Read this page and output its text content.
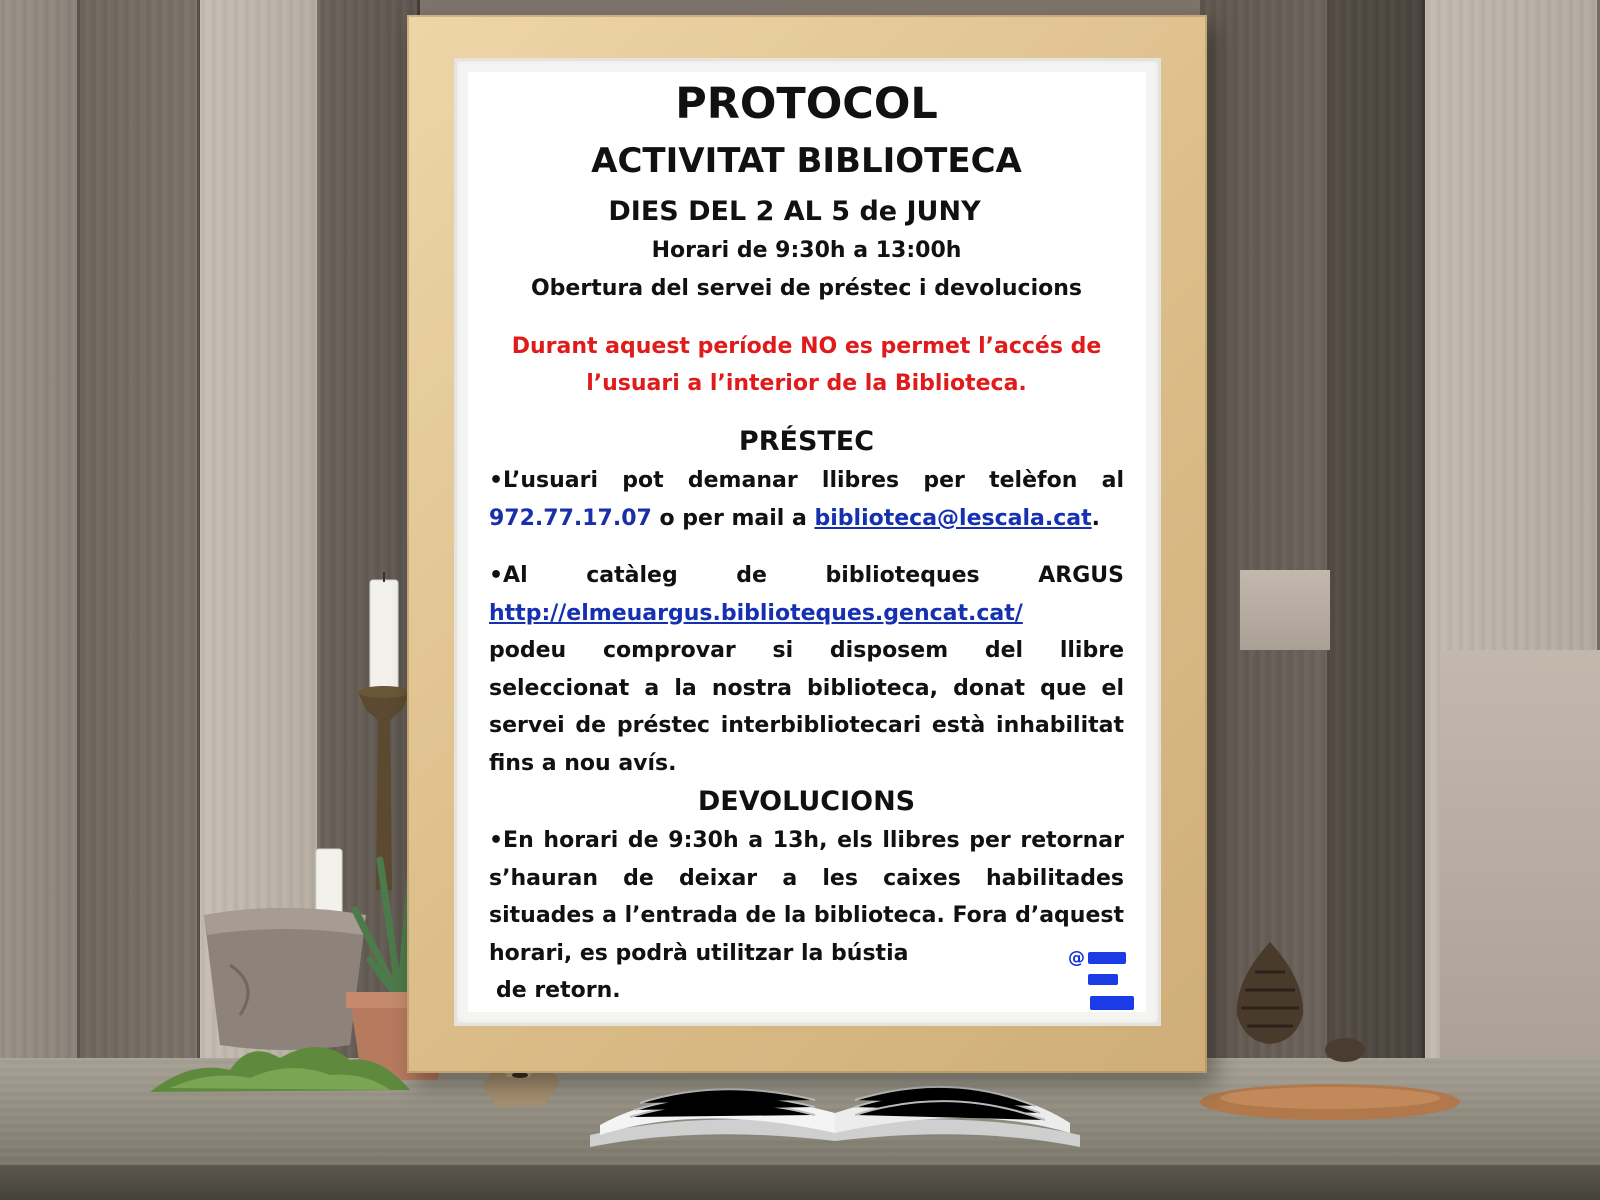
PROTOCOL

ACTIVITAT BIBLIOTECA

DIES DEL 2 AL 5 de JUNY

Horari de 9:30h a 13:00h

Obertura del servei de préstec i devolucions

Durant aquest període NO es permet l’accés de
l’usuari a l’interior de la Biblioteca.

PRÉSTEC

•L’usuari pot demanar llibres per telèfon al 972.77.17.07 o per mail a biblioteca@lescala.cat.

•Al catàleg de biblioteques ARGUS

http://elmeuargus.biblioteques.gencat.cat/

podeu comprovar si disposem del llibre seleccionat a la nostra biblioteca, donat que el servei de préstec interbibliotecari està inhabilitat fins a nou avís.

DEVOLUCIONS

•En horari de 9:30h a 13h, els llibres per retornar s’hauran de deixar a les caixes habilitades situades a l’entrada de la biblioteca. Fora d’aquest horari, es podrà utilitzar la bústia

de retorn.

@
